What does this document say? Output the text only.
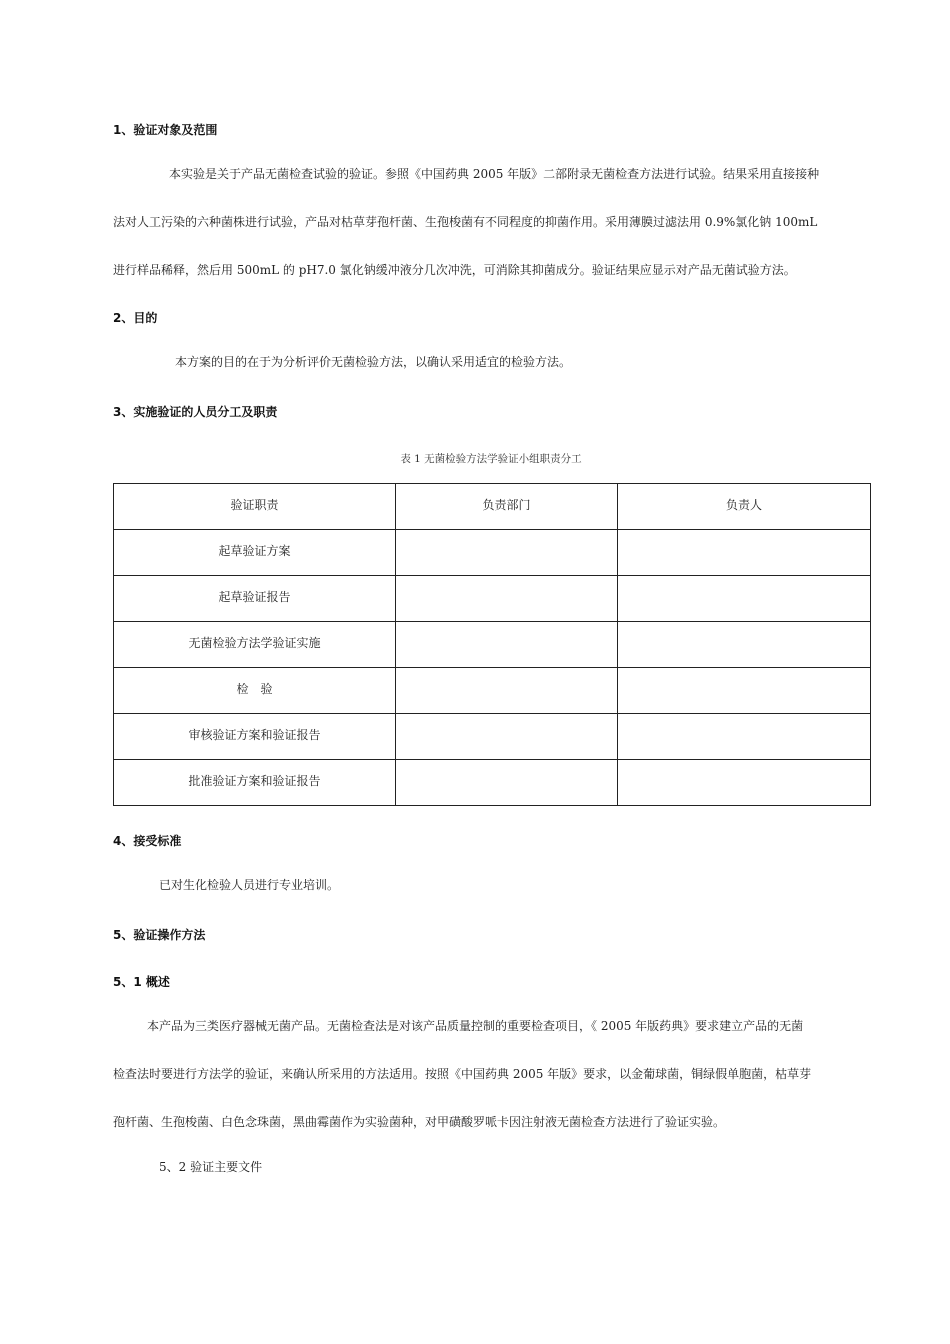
1、验证对象及范围
本实验是关于产品无菌检查试验的验证。参照《中国药典 2005 年版》二部附录无菌检查方法进行试验。结果采用直接接种
法对人工污染的六种菌株进行试验，产品对枯草芽孢杆菌、生孢梭菌有不同程度的抑菌作用。采用薄膜过滤法用 0.9%氯化钠 100mL
进行样品稀释，然后用 500mL 的 pH7.0 氯化钠缓冲液分几次冲洗，可消除其抑菌成分。验证结果应显示对产品无菌试验方法。
2、目的
本方案的目的在于为分析评价无菌检验方法，以确认采用适宜的检验方法。
3、实施验证的人员分工及职责
表 1 无菌检验方法学验证小组职责分工
验证职责	负责部门	负责人
起草验证方案		
起草验证报告		
无菌检验方法学验证实施		
检　验		
审核验证方案和验证报告		
批准验证方案和验证报告		
4、接受标准
已对生化检验人员进行专业培训。
5、验证操作方法
5、1 概述
本产品为三类医疗器械无菌产品。无菌检查法是对该产品质量控制的重要检查项目，《 2005 年版药典》要求建立产品的无菌
检查法时要进行方法学的验证，来确认所采用的方法适用。按照《中国药典 2005 年版》要求，以金葡球菌，铜绿假单胞菌，枯草芽
孢杆菌、生孢梭菌、白色念珠菌，黑曲霉菌作为实验菌种，对甲磺酸罗哌卡因注射液无菌检查方法进行了验证实验。
5、2 验证主要文件
